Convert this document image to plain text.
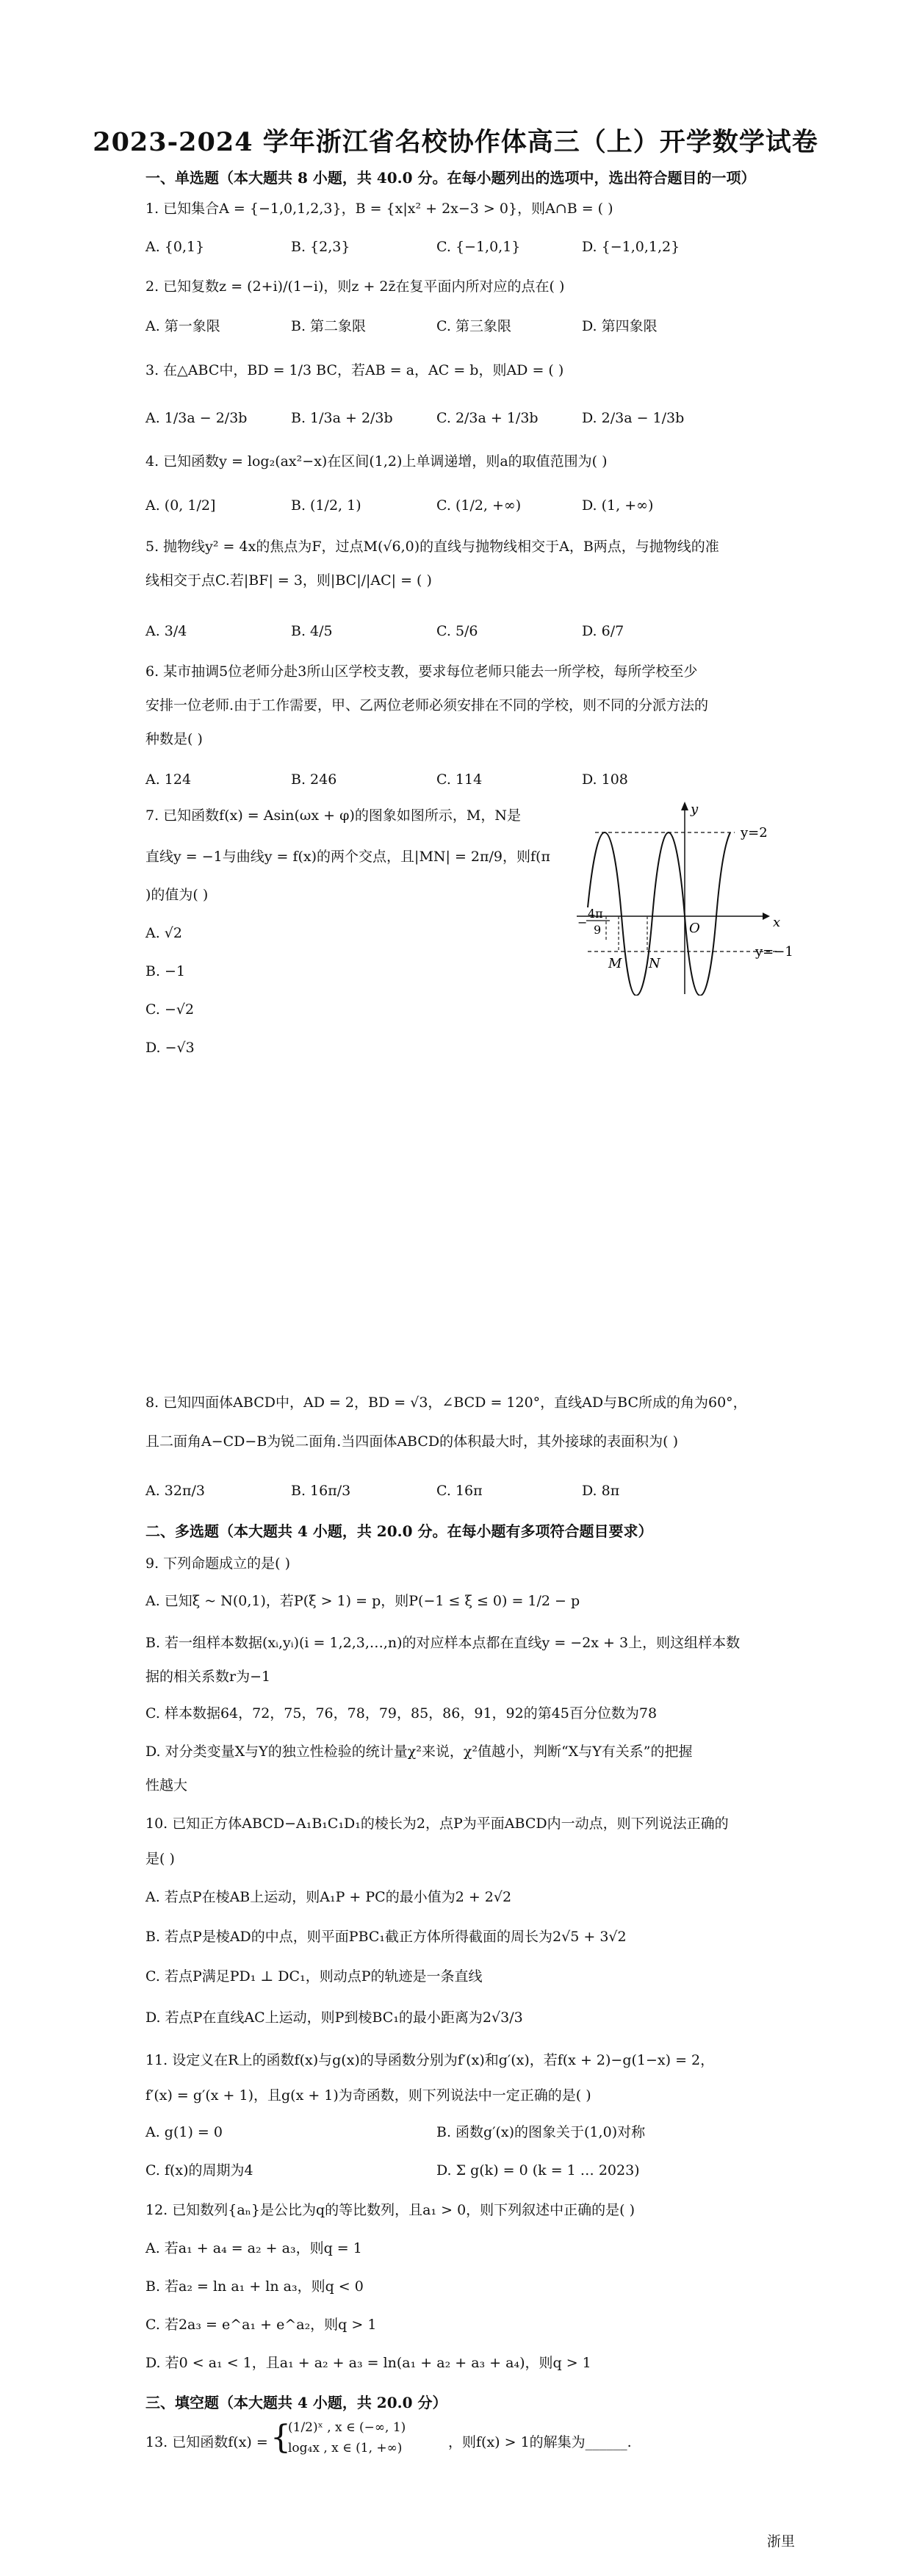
2023-2024 学年浙江省名校协作体高三（上）开学数学试卷
一、单选题（本大题共 8 小题，共 40.0 分。在每小题列出的选项中，选出符合题目的一项）
1. 已知集合A = {−1,0,1,2,3}，B = {x|x² + 2x−3 > 0}，则A∩B = ( )
A. {0,1}	B. {2,3}	C. {−1,0,1}	D. {−1,0,1,2}
2. 已知复数z = (2+i)/(1−i)，则z + 2z̄在复平面内所对应的点在( )
A. 第一象限	B. 第二象限	C. 第三象限	D. 第四象限
3. 在△ABC中，BD = 1/3 BC，若AB = a，AC = b，则AD = ( )
A. 1/3a − 2/3b	B. 1/3a + 2/3b	C. 2/3a + 1/3b	D. 2/3a − 1/3b
4. 已知函数y = log₂(ax²−x)在区间(1,2)上单调递增，则a的取值范围为( )
A. (0, 1/2]	B. (1/2, 1)	C. (1/2, +∞)	D. (1, +∞)
5. 抛物线y² = 4x的焦点为F，过点M(√6,0)的直线与抛物线相交于A，B两点，与抛物线的准
线相交于点C.若|BF| = 3，则|BC|/|AC| = ( )
A. 3/4	B. 4/5	C. 5/6	D. 6/7
6. 某市抽调5位老师分赴3所山区学校支教，要求每位老师只能去一所学校，每所学校至少
安排一位老师.由于工作需要，甲、乙两位老师必须安排在不同的学校，则不同的分派方法的
种数是( )
A. 124	B. 246	C. 114	D. 108
7. 已知函数f(x) = Asin(ωx + φ)的图象如图所示，M，N是
直线y = −1与曲线y = f(x)的两个交点，且|MN| = 2π/9，则f(π
)的值为( )
A. √2
B. −1
C. −√2
D. −√3
y
x
O
y=2
y=−1
−
4π
9
M N
8. 已知四面体ABCD中，AD = 2，BD = √3，∠BCD = 120°，直线AD与BC所成的角为60°，
且二面角A−CD−B为锐二面角.当四面体ABCD的体积最大时，其外接球的表面积为( )
A. 32π/3	B. 16π/3	C. 16π	D. 8π
二、多选题（本大题共 4 小题，共 20.0 分。在每小题有多项符合题目要求）
9. 下列命题成立的是( )
A. 已知ξ ~ N(0,1)，若P(ξ > 1) = p，则P(−1 ≤ ξ ≤ 0) = 1/2 − p
B. 若一组样本数据(xᵢ,yᵢ)(i = 1,2,3,…,n)的对应样本点都在直线y = −2x + 3上，则这组样本数
据的相关系数r为−1
C. 样本数据64，72，75，76，78，79，85，86，91，92的第45百分位数为78
D. 对分类变量X与Y的独立性检验的统计量χ²来说，χ²值越小，判断“X与Y有关系”的把握
性越大
10. 已知正方体ABCD−A₁B₁C₁D₁的棱长为2，点P为平面ABCD内一动点，则下列说法正确的
是( )
A. 若点P在棱AB上运动，则A₁P + PC的最小值为2 + 2√2
B. 若点P是棱AD的中点，则平面PBC₁截正方体所得截面的周长为2√5 + 3√2
C. 若点P满足PD₁ ⊥ DC₁，则动点P的轨迹是一条直线
D. 若点P在直线AC上运动，则P到棱BC₁的最小距离为2√3/3
11. 设定义在R上的函数f(x)与g(x)的导函数分别为f′(x)和g′(x)，若f(x + 2)−g(1−x) = 2，
f′(x) = g′(x + 1)，且g(x + 1)为奇函数，则下列说法中一定正确的是( )
A. g(1) = 0	B. 函数g′(x)的图象关于(1,0)对称
C. f(x)的周期为4	D. Σ g(k) = 0 (k = 1 … 2023)
12. 已知数列{aₙ}是公比为q的等比数列，且a₁ > 0，则下列叙述中正确的是( )
A. 若a₁ + a₄ = a₂ + a₃，则q = 1
B. 若a₂ = ln a₁ + ln a₃，则q < 0
C. 若2a₃ = e^a₁ + e^a₂，则q > 1
D. 若0 < a₁ < 1，且a₁ + a₂ + a₃ = ln(a₁ + a₂ + a₃ + a₄)，则q > 1
三、填空题（本大题共 4 小题，共 20.0 分）
13. 已知函数f(x) = {
(1/2)ˣ , x ∈ (−∞, 1)
log₄x , x ∈ (1, +∞)	，则f(x) > 1的解集为______.
浙里
